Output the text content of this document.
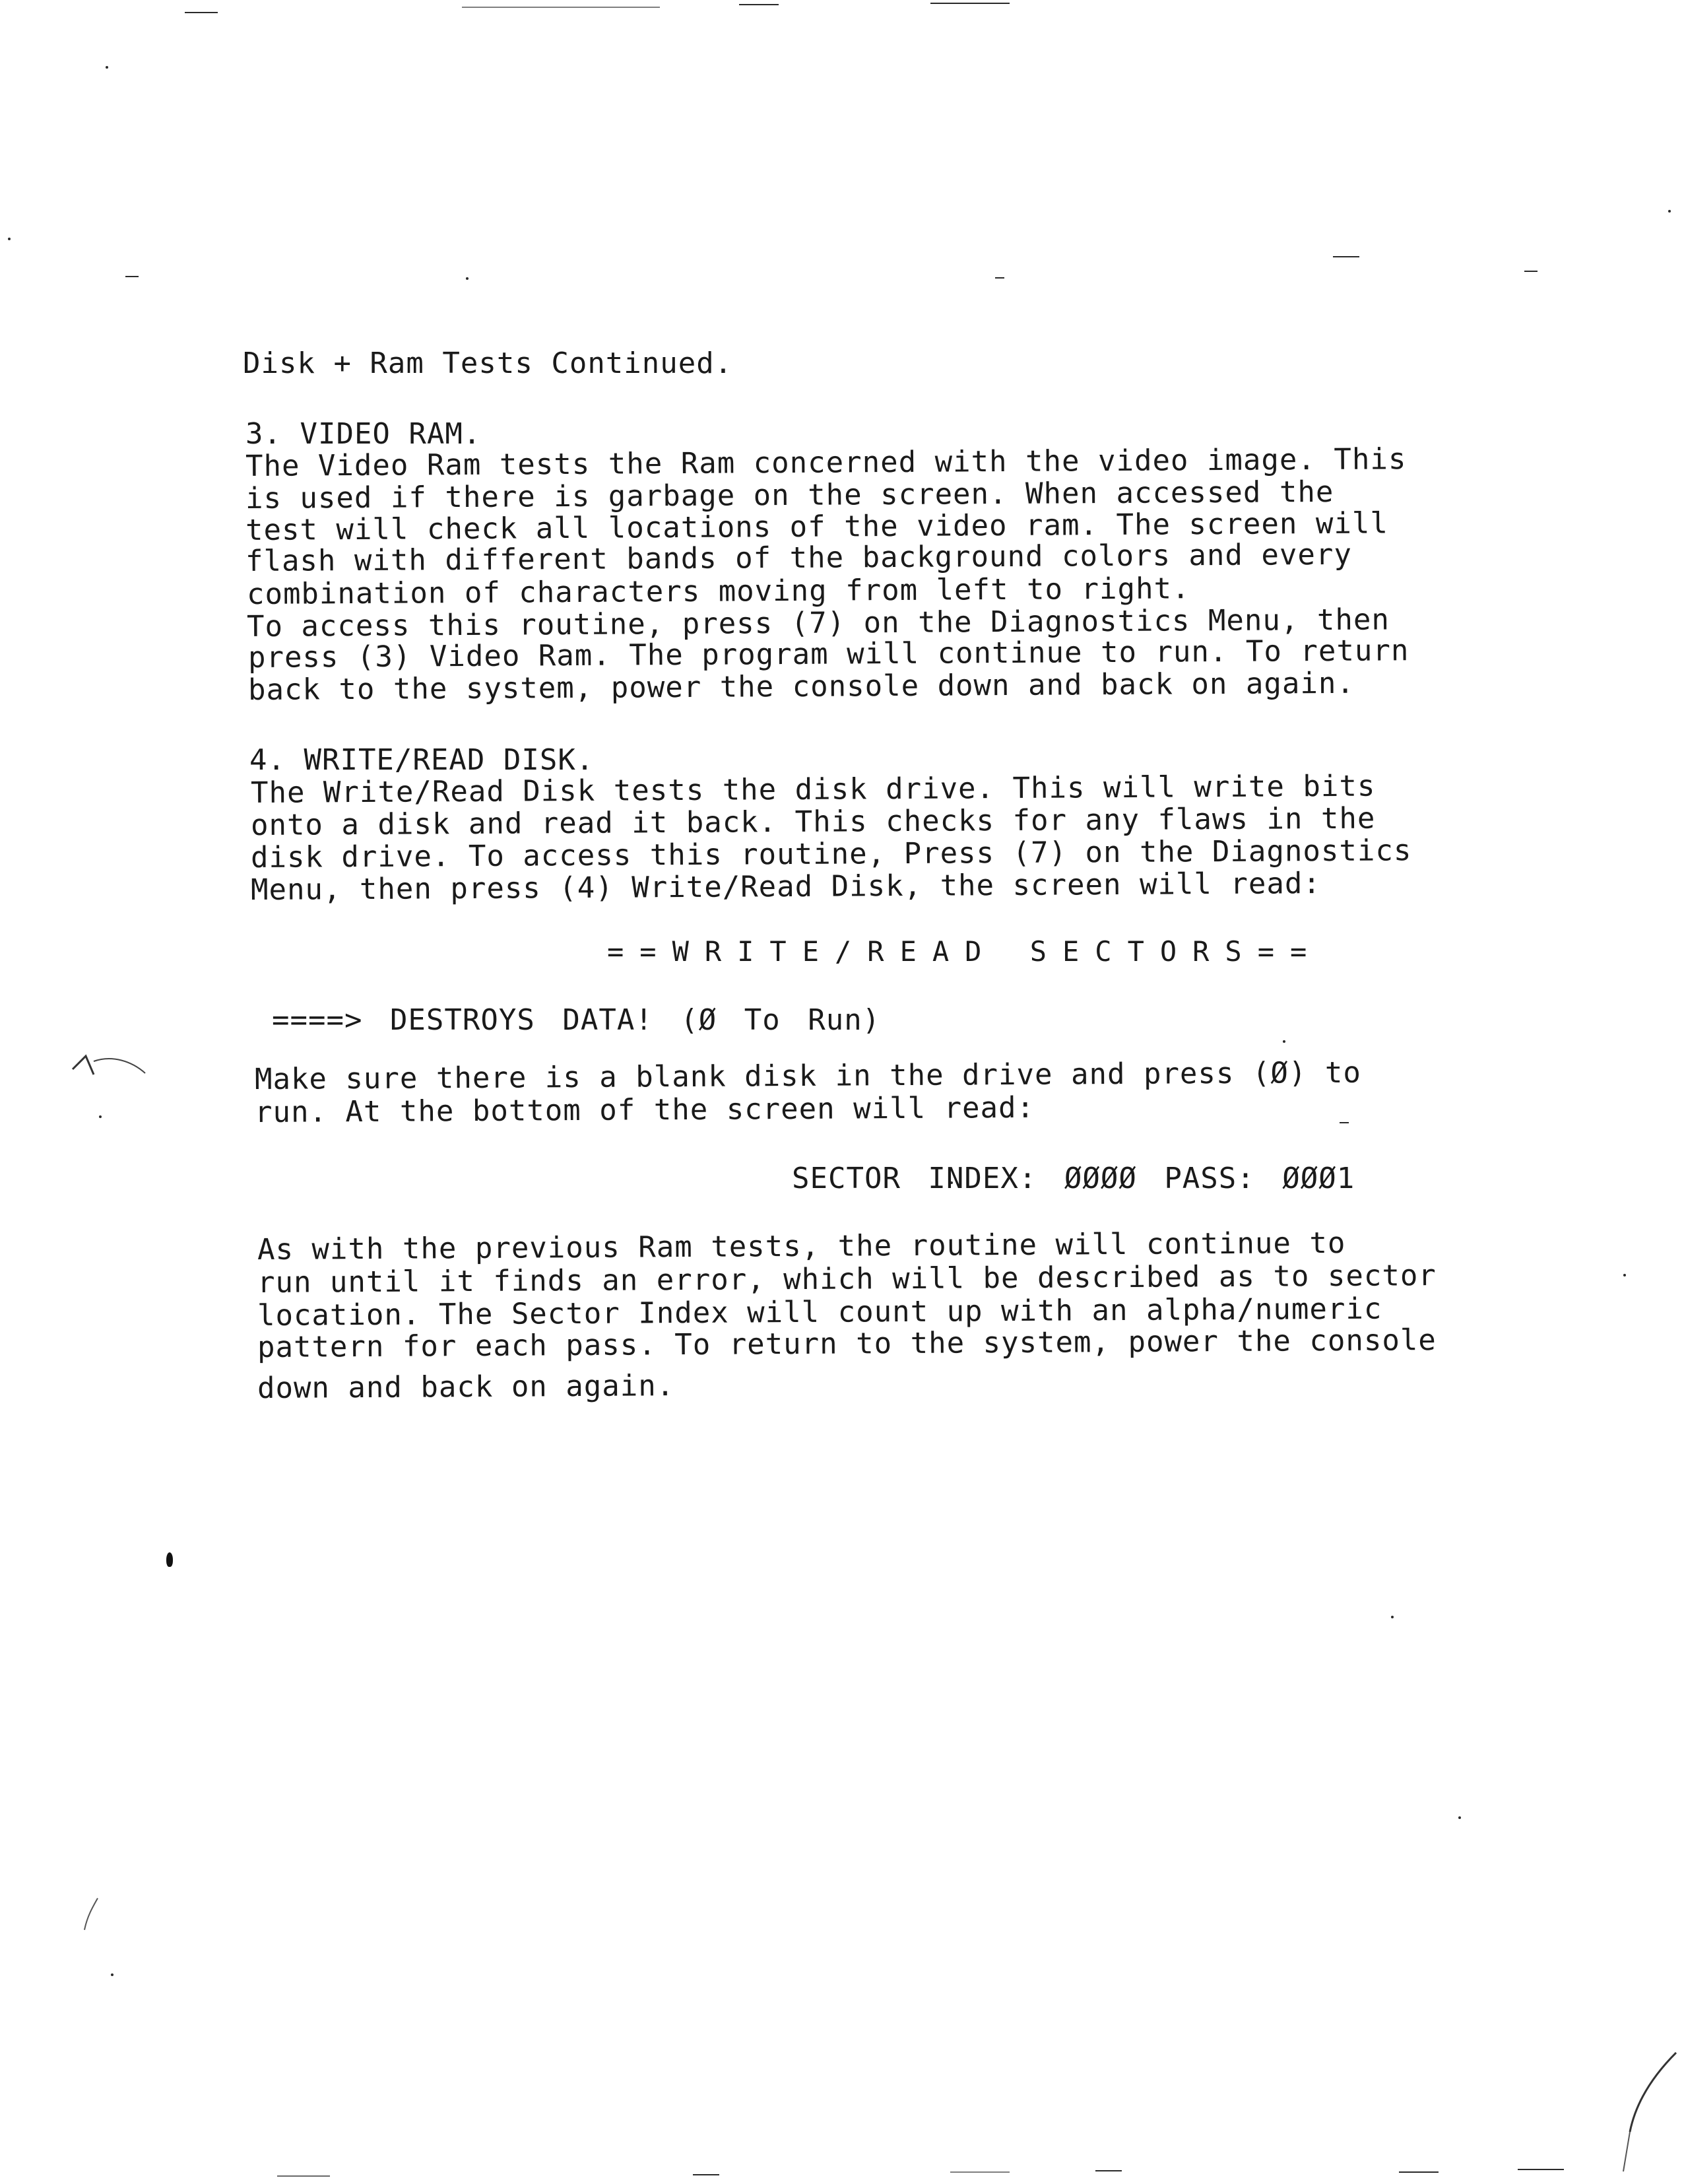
Disk + Ram Tests Continued.
3. VIDEO RAM.
The Video Ram tests the Ram concerned with the video image. This
is used if there is garbage on the screen. When accessed the
test will check all locations of the video ram. The screen will
flash with different bands of the background colors and every
combination of characters moving from left to right.
To access this routine, press (7) on the Diagnostics Menu, then
press (3) Video Ram. The program will continue to run. To return
back to the system, power the console down and back on again.
4. WRITE/READ DISK.
The Write/Read Disk tests the disk drive. This will write bits
onto a disk and read it back. This checks for any flaws in the
disk drive. To access this routine, Press (7) on the Diagnostics
Menu, then press (4) Write/Read Disk, the screen will read:
==WRITE/READ SECTORS==
====> DESTROYS DATA! (Ø To Run)
Make sure there is a blank disk in the drive and press (Ø) to
run. At the bottom of the screen will read:
SECTOR INDEX: ØØØØ PASS: ØØØ1
As with the previous Ram tests, the routine will continue to
run until it finds an error, which will be described as to sector
location. The Sector Index will count up with an alpha/numeric
pattern for each pass. To return to the system, power the console
down and back on again.
